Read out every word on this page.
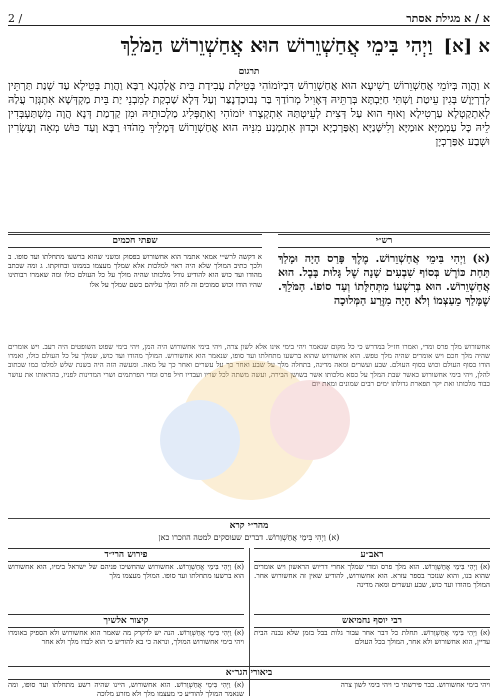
א / א מגילת אסתר
2 /
א [א] וַיְהִי בִּימֵי אֲחַשְׁוֵרוֹשׁ הוּא אֲחַשְׁוֵרוֹשׁ הַמֹּלֵךְ
תרגום
א וַהֲוָה בְּיוֹמֵי אֲחַשְׁוֵרוֹשׁ רַשִׁיעָא הוּא אֲחַשְׁוֵרוֹשׁ דִּבְיוֹמוֹהִי בְּטֵילַת עֲבִידַת בֵּית אֱלָהָנָא רַבָּא וַהֲוַת בְּטֵילָא עַד שְׁנַת תַּרְתֵּין לְדָרְיָוֶשׁ בְּגִין עֵיטַת וַשְׁתִּי חַיַּבְתָּא בְּרַתֵּיהּ דְּאֶוִיל מְרוֹדַךְ בַּר נְבוּכַדְנֶצַּר וְעַל דְּלָא שַׁבְקַת לְמִבְנֵי יַת בֵּית מַקְדְּשָׁא אִתְגְּזַר עֲלַהּ לְאִתְקַטְלָא עַרְטִילָא וְאוּף הוּא עַל דְּצִית לְעֵיטְתַּהּ אִתְקְצָרוּ יוֹמוֹהִי וְאִתְפְּלִיג מַלְכוּתֵיהּ וּמִן קַדְמַת דְּנָא הֲוָה מִשְׁתַּעְבְּדִין לֵיהּ כָּל עַמְמַיָּא אוּמַיָּא וְלִישָּׁנַיָּא וְאַפַּרְכְיָא וּכְדוּן אִתְמְנַע מִנֵּיהּ הוּא אֲחַשְׁוֵרוֹשׁ דְּמָלֵיךְ מֵהֹדּוּ רַבָּא וְעַד כּוּשׁ מְאָה וְעֶשְׂרִין וּשְׁבַע אַפַּרְכְיָן
רש״י
(א) וַיְהִי בִּימֵי אֲחַשְׁוֵרוֹשׁ. מֶלֶךְ פָּרַס הָיָה וּמָלַךְ תַּחַת כּוֹרֶשׁ בְּסוֹף שִׁבְעִים שָׁנָה שֶׁל גָּלוּת בָּבֶל. הוּא אֲחַשְׁוֵרוֹשׁ. הוּא בְּרִשְׁעוֹ מִתְּחִלָּתוֹ וְעַד סוֹפוֹ. הַמֹּלֵךְ. שֶׁמָּלַךְ מֵעַצְמוֹ וְלֹא הָיָה מִזֶּרַע הַמְּלוּכָה
שפתי חכמים
א דקשה לרש״י אמאי אתמר הוא אחשורוש בפסוק ומשני שהוא ברשעו מתחלתו ועד סופו. ב ולכך כתיב המולך שלא היה ראוי למלכות אלא שמלך מעצמו בממונו ובחזקתו. ג ומה שכתב מהודו ועד כוש הוא להודיע גודל מלכותו שהיה מולך על כל העולם כולו ומה שאמרו רבותינו שהיו הודו וכוש סמוכים זה לזה ומלך עליהם כשם שמלך על אלו
אחשורוש מלך פרס ומדי, ואמרו חז״ל במדרש כי כל מקום שנאמר ויהי בימי אינו אלא לשון צרה, ויהי בימי אחשורוש היה המן, ויהי בימי שפוט השופטים היה רעב. ויש אומרים שהיה מלך חכם ויש אומרים שהיה מלך טפש. הוא אחשורוש שהוא ברשעו מתחלתו ועד סופו, שנאמר הוא אחשורוש. המולך מהודו ועד כוש, שמלך על כל העולם כולו, ואמרו הודו בסוף העולם וכוש בסוף העולם. שבע ועשרים ומאה מדינה, בתחלה מלך על שבע ואחר כך על עשרים ואחר כך על מאה. ומעשה הזה היה בשנת שלש למלכו כמו שכתוב להלן, ויהי בימי אחשורוש כאשר שבת המלך על כסא מלכותו אשר בשושן הבירה, ועשה משתה לכל שריו ועבדיו חיל פרס ומדי הפרתמים ושרי המדינות לפניו, בהראותו את עושר כבוד מלכותו ואת יקר תפארת גדולתו ימים רבים שמונים ומאת יום
מהר״י קרא
(א) וַיְהִי בִּימֵי אֲחַשְׁוֵרוֹשׁ. דברים שעוסקים למטה הוזכרו כאן
ראב״ע
(א) וַיְהִי בִּימֵי אֲחַשְׁוֵרוֹשׁ. הוא מלך פרס ומדי שמלך אחרי דריוש הראשון ויש אומרים שהוא בנו, והוא שנזכר בספר עזרא. הוא אחשורוש, להודיע שאין זה אחשורוש אחר. המולך מהודו ועד כוש, שבע ועשרים ומאה מדינה
פירוש הרי״ד
(א) וַיְהִי בִּימֵי אֲחַשְׁוֵרוֹשׁ. אחשורוש שהחשיכו פניהם של ישראל בימיו, הוא אחשורוש הוא ברשעו מתחלתו ועד סופו. המולך מעצמו מלך
קיצור אלשיך
(א) וַיְהִי בִּימֵי אֲחַשְׁוֵרוֹשׁ. הנה יש לדקדק מה שאמר הוא אחשורוש ולא הספיק באומרו ויהי בימי אחשורוש המולך, ונראה כי בא להודיע כי הוא לבדו מלך ולא אחר
רבי יוסף נחמיאש
(א) וַיְהִי בִּימֵי אֲחַשְׁוֵרוֹשׁ. תחלת כל דבר אחר עבור גלות בבל בזמן שלא נבנה הבית עדיין, הוא אחשורוש ולא אחר, המולך בכל העולם
ביאורי הגר״א
ויהי בימי אחשורוש. כבר פירשתי כי ויהי בימי לשון צרה
(א) וַיְהִי בִּימֵי אֲחַשְׁוֵרוֹשׁ. הוא אחשורוש, היינו שהיה רשע מתחלתו ועד סופו, ומה שנאמר המולך להודיע כי מעצמו מלך ולא מזרע מלוכה
